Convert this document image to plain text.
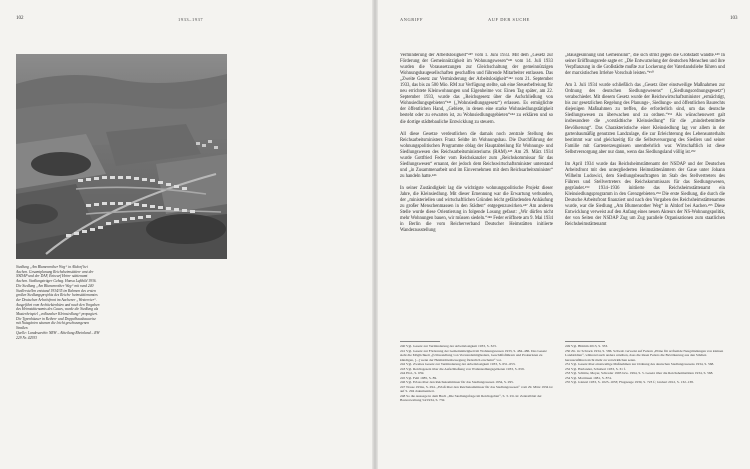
102	1933–1937

Siedlung „Am Blumenrother Weg“ in Altdorf bei Aachen. Gesamtplanung Reichsheimstätten- amt der NSDAP und der DAF, Entwurf Heim- stättenamt Aachen. Siedlungsträger Gebag. Hansa Luftbild 1936.

Die Siedlung „Am Blumenrother Weg“ mit rund 240 Siedlerstellen entstand 1934/35 im Rahmen des ersten großen Siedlungsprojekts des Reichs- heimstättenamtes der Deutschen Arbeitsfront im Aachener „Westrevier“. Ausgeführt vom Architektenbüro und nach den Vorgaben des Heimstättenamts des Gaues, wurde die Siedlung als Musterbeispiel „volksnaher Kleinsiedlung“ propagiert. Die Typenhäuser in Reihen- und Doppelhausbauweise mit Nutzgärten säumen die leicht geschwungenen Straßen.

Quelle: Landesarchiv NRW – Abteilung Rheinland – RW 229 Nr. 42933

ANGRIFF	AUF DER SUCHE	103

Verminderung der Arbeitslosigkeit“²⁴⁰ vom 1. Juni 1933. Mit dem „Gesetz zur Förderung der Gemeinnützigkeit im Wohnungswesen“²⁴¹ vom 14. Juli 1933 wurden die Voraussetzungen zur Gleichschaltung der gemeinnützigen Wohnungsbaugesellschaften geschaffen und führende Mitarbeiter entlassen. Das „Zweite Gesetz zur Verminderung der Arbeitslosigkeit“²⁴² vom 21. September 1933, das bis zu 500 Mio. RM zur Verfügung stellte, sah eine Steuerbefreiung für neu errichtete Kleinwohnungen und Eigenheime vor. Einen Tag später, am 22. September 1933, wurde das „Reichsgesetz über die Aufschließung von Wohnsiedlungsgebieten“²⁴³ („Wohnsiedlungsgesetz“) erlassen. Es ermöglichte der öffentlichen Hand, „Gebiete, in denen eine starke Wohnsiedlungstätigkeit besteht oder zu erwarten ist, zu Wohnsiedlungsgebieten“²⁴⁴ zu erklären und so die dortige städtebauliche Entwicklung zu steuern.

All diese Gesetze verdeutlichen die damals noch zentrale Stellung des Reichsarbeitsministers Franz Seldte im Wohnungsbau. Die Durchführung der wohnungspolitischen Programme oblag der Hauptabteilung für Wohnungs- und Siedlungswesen des Reichsarbeitsministeriums (RAM).²⁴⁵ Am 29. März 1934 wurde Gottfried Feder vom Reichskanzler zum „Reichskommissar für das Siedlungswesen“ ernannt, der jedoch dem Reichswirtschaftsminister unterstand und „in Zusammenarbeit und im Einvernehmen mit dem Reichsarbeitsminister“ zu handeln hatte.²⁴⁶

In seiner Zuständigkeit lag die wichtigste wohnungspolitische Projekt dieser Jahre, die Kleinsiedlung. Mit dieser Ernennung war die Erwartung verbunden, der „ministeriellen und wirtschaftlichen Gründen leicht gefährdenden Anhäufung zu großer Menschenmassen in den Städten“ entgegenzuwirken.²⁴⁷ Am anderen Stelle wurde diese Orientierung in folgende Losung gefasst: „Wir dürfen nicht mehr Wohnungen bauen, wir müssen siedeln.“²⁴⁸ Feder eröffnete am 9. Mai 1934 in Berlin die vom Reicherverband Deutscher Heimstätten initiierte Wanderausstellung

240 Vgl. Gesetz zur Verminderung der Arbeitslosigkeit 1933, S. 323.

241 Vgl. Gesetz zur Förderung der Gemeinnützigkeit im Wohnungswesen 1933, S. 484–486. Das Gesetz sieht die Möglichkeit „(Umwandlung von Vorstandsmitgliedern, Geschäftsführern und Prokuristen zu kündigen, [...] wenn der Heimstättenbewegung förderlich erscheint“ vor.

242 Vgl. Zweites Gesetz zur Verminderung der Arbeitslosigkeit 1933, S. 651–653.

243 Vgl. Reichsgesetz über die Aufschließung von Wohnsiedlungsgebieten 1933, S. 659.

244 Ebd., S. 659.

245 Vgl. Fehl 1985, S. 89.

246 Vgl. Erlass über den Reichskommissar für das Siedlungswesen 1934, S. 295.

247 Nosse 1934a, S. 294. „Erlaß über den Reichskommissar für das Siedlungswesen“ vom 29. März 1934 ist auf S. 294 dokumentiert.

248 So die Aussage in dem Buch „Die Siedlungsfrage im Reichsgebiet“, S. 3. Zit. in: Zentralblatt der Bauverwaltung 54/1934, S. 732.

„Bausgesinnung und Gemeinsinn“, die sich strikt gegen die Großstadt wandte.²⁴⁹ In seiner Eröffnungsrede sagte er: „Die Entwurzelung der deutschen Menschen und ihre Verpflanzung in die Großstädte mußte zur Lockerung der Vaterlandsliebe führen und der marxistischen Irrlehre Vorschub leisten.“²⁵⁰

Am 3. Juli 1934 wurde schließlich das „Gesetz über einstweilige Maßnahmen zur Ordnung des deutschen Siedlungswesens“ („Siedlungsordnungsgesetz“) verabschiedet. Mit diesem Gesetz wurde der Reichswirtschaftsminister „ermächtigt, bis zur gesetzlichen Regelung des Planungs-, Siedlungs- und öffentlichen Baurechts diejenigen Maßnahmen zu treffen, die erforderlich sind, um das deutsche Siedlungswesen zu überwachen und zu ordnen.“²⁵¹ Als wünschenswert galt insbesondere die „vorstädtische Kleinsiedlung“ für die „minderbemittelte Bevölkerung“. Das Charakteristische einer Kleinsiedlung lag vor allem in der gartenbaumäßig genutzten Landzulage, die zur Erleichterung des Lebensunterhalts bestimmt war und gleichzeitig für die Selbstversorgung des Siedlers und seiner Familie mit Gartenerzeugnissen unentbehrlich war. Wirtschaftlich ist diese Selbstversorgung aber nur dann, wenn das Siedlungsland völlig ist.²⁵²

Im April 1934 wurde das Reichsheimstättenamt der NSDAP und der Deutschen Arbeitsfront mit den untergliederten Heimstättenämtern der Gaue unter Johann Wilhelm Ludowici, dem Siedlungsbeauftragten im Stab des Stellvertreters des Führers und Stellvertreters des Reichskommissars für das Siedlungswesen, gegründet.²⁵³ 1934–1936 initiierte das Reichsheimstättenamt ein Kleinsiedlungsprogramm in den Grenzgebieten.²⁵⁴ Die erste Siedlung, die durch die Deutsche Arbeitsfront finanziert und nach den Vorgaben des Reichsheimstättenamtes wurde, war die Siedlung „Am Blumenrother Weg“ in Altdorf bei Aachen.²⁵⁵ Diese Entwicklung verweist auf den Anfang eines neuen Akteurs der NS-Wohnungspolitik, der von Seiten der NSDAP Zug um Zug parallele Organisationen zum staatlichen Reichsheimstättenamt

249 Vgl. Blümm 2013, S. 333.

250 Zit. in: Schrack 1934, S. 586. Schwab verweist auf Federn „Pläne für artfremde Neugründungen von kleinen Landstädten“, während auch andere urteilten, dass die Ideen Feders die Bevölkerung aus den Städten herauszuführen nicht mehr zu verwirklichen seien.

251 Vgl. Gesetz über einstweilige Maßnahmen zur Ordnung des deutschen Siedlungswesens 1934, S. 568.

252 Vgl. Harlander, Schubert 1933, S. 31 f.

253 Vgl. Schütte, Meyer, Schrader 1993 bzw. 1994, S. 5. Gesetz über die Reichsheimstätten 1934, S. 568.

254 Vgl. Martinsen 1981, S. 874.

255 Vgl. Glatzel 1933, S. 1025–1033; Flugzeuge 1939, S. 723 f.; Gisbert 2012, S. 132–138.
